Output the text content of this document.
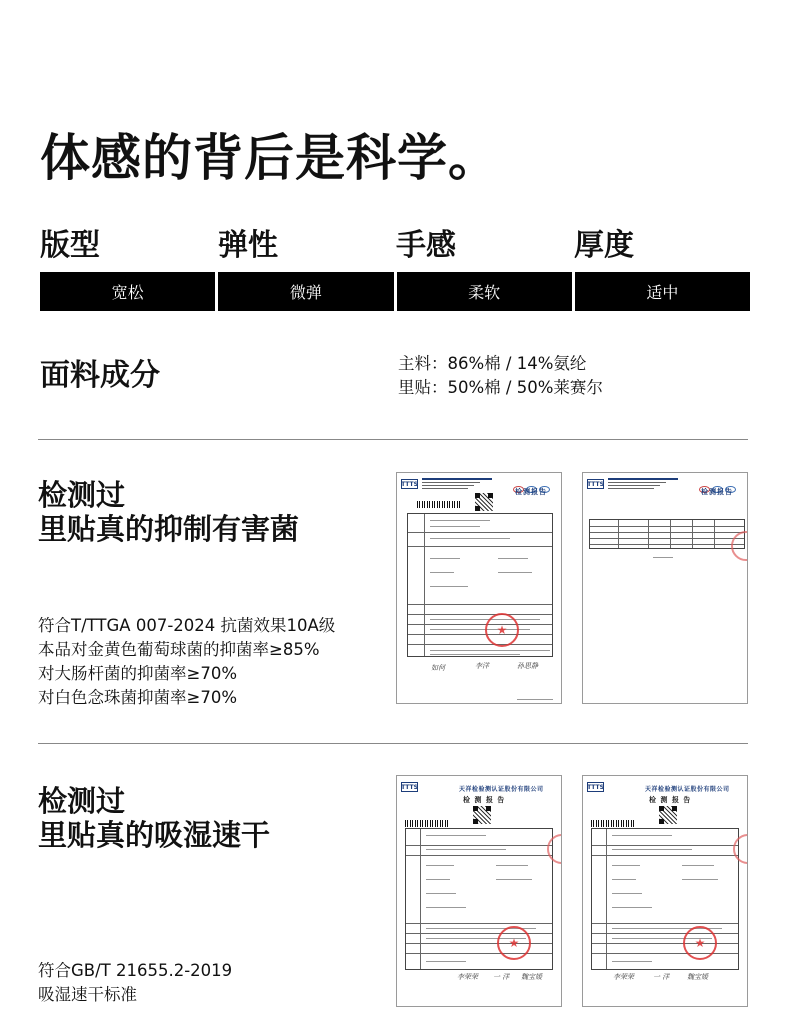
体感的背后是科学。
版型	弹性	手感	厚度
宽松	微弹	柔软	适中
面料成分	主料：86%棉 / 14%氨纶
里贴：50%棉 / 50%莱赛尔
检测过
里贴真的抑制有害菌
符合T/TTGA 007-2024 抗菌效果10A级
本品对金黄色葡萄球菌的抑菌率≥85%
对大肠杆菌的抑菌率≥70%
对白色念珠菌抑菌率≥70%
TTTS
检测报告
★
如何	李洋	孙思静
TTTS
检测报告
检测过
里贴真的吸湿速干
符合GB/T 21655.2-2019
吸湿速干标准
TTTS	天祥检验测认证股份有限公司
检 测 报 告
★
李荣荣 一 洋 魏宝媛
TTTS	天祥检验测认证股份有限公司
检 测 报 告
★
李荣荣	一 洋	魏宝媛
